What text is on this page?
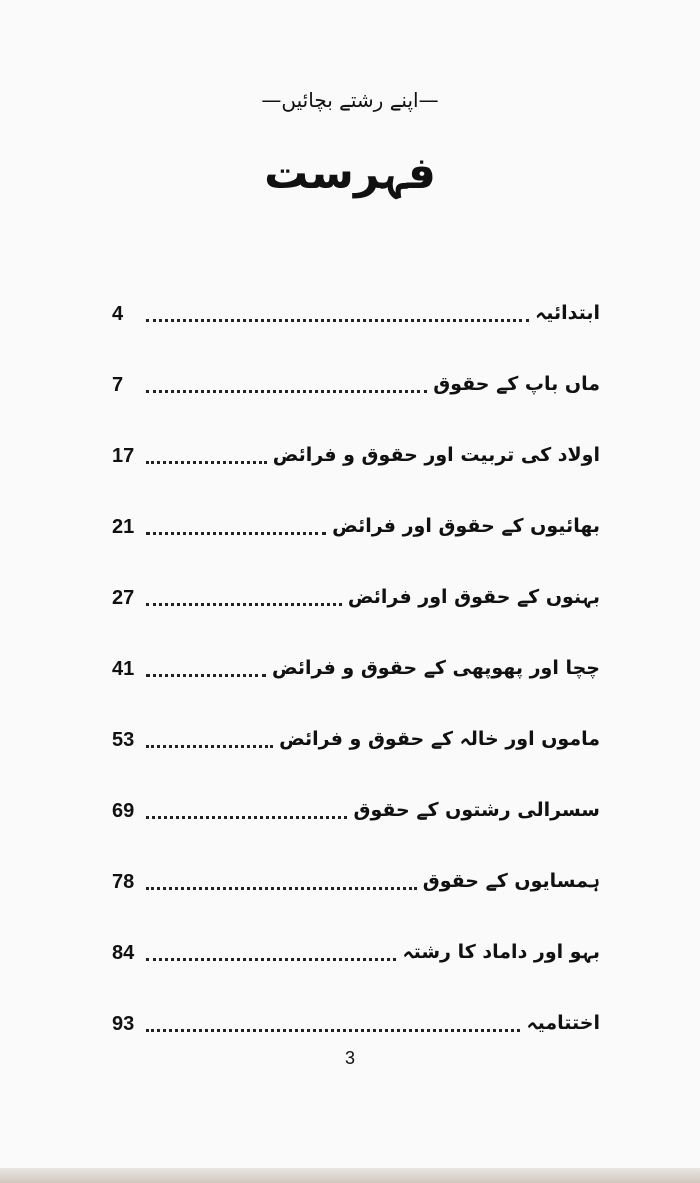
—اپنے رشتے بچائیں—
فہرست
4	ابتدائیہ
7	ماں باپ کے حقوق
17	اولاد کی تربیت اور حقوق و فرائض
21	بھائیوں کے حقوق اور فرائض
27	بہنوں کے حقوق اور فرائض
41	چچا اور پھوپھی کے حقوق و فرائض
53	ماموں اور خالہ کے حقوق و فرائض
69	سسرالی رشتوں کے حقوق
78	ہمسایوں کے حقوق
84	بہو اور داماد کا رشتہ
93	اختتامیہ
3
